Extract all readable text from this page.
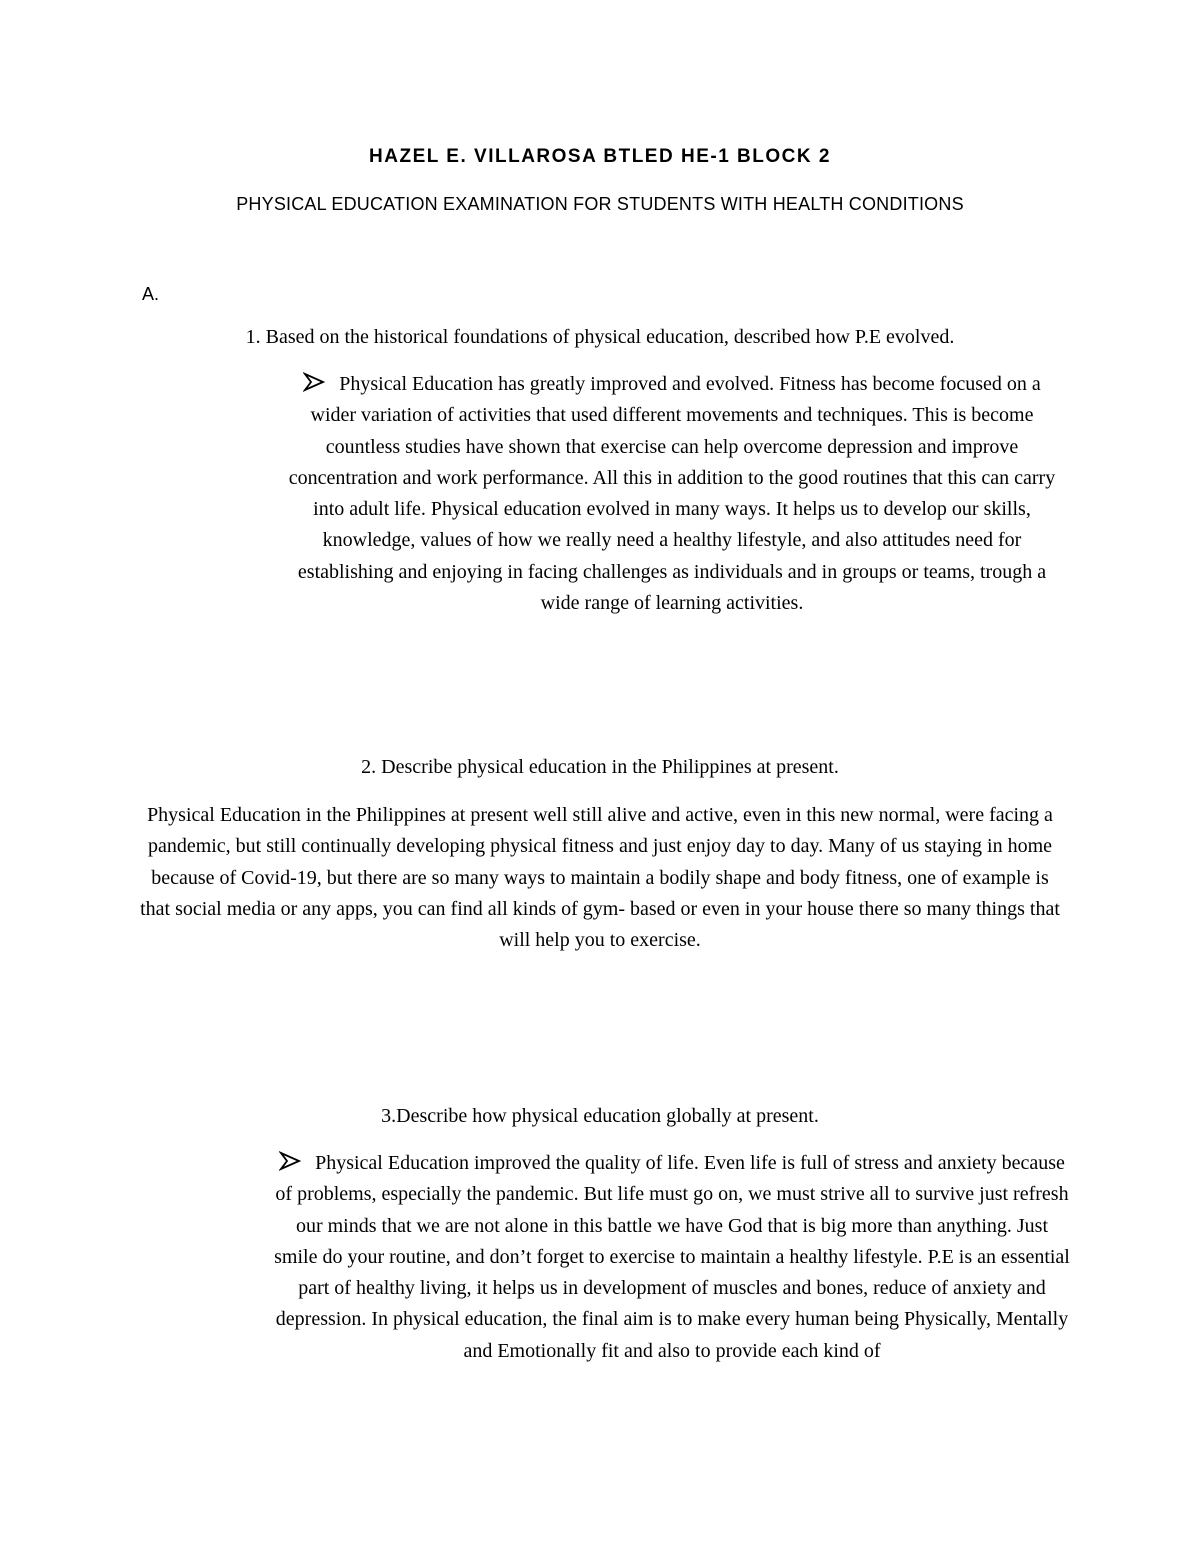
HAZEL E. VILLAROSA BTLED HE-1 BLOCK 2
PHYSICAL EDUCATION EXAMINATION FOR STUDENTS WITH HEALTH CONDITIONS
A.
1. Based on the historical foundations of physical education, described how P.E evolved.
Physical Education has greatly improved and evolved. Fitness has become focused on a wider variation of activities that used different movements and techniques. This is become countless studies have shown that exercise can help overcome depression and improve concentration and work performance. All this in addition to the good routines that this can carry into adult life. Physical education evolved in many ways. It helps us to develop our skills, knowledge, values of how we really need a healthy lifestyle, and also attitudes need for establishing and enjoying in facing challenges as individuals and in groups or teams, trough a wide range of learning activities.
2. Describe physical education in the Philippines at present.
Physical Education in the Philippines at present well still alive and active, even in this new normal, were facing a pandemic, but still continually developing physical fitness and just enjoy day to day. Many of us staying in home because of Covid-19, but there are so many ways to maintain a bodily shape and body fitness, one of example is that social media or any apps, you can find all kinds of gym- based or even in your house there so many things that will help you to exercise.
3.Describe how physical education globally at present.
Physical Education improved the quality of life. Even life is full of stress and anxiety because of problems, especially the pandemic. But life must go on, we must strive all to survive just refresh our minds that we are not alone in this battle we have God that is big more than anything. Just smile do your routine, and don’t forget to exercise to maintain a healthy lifestyle. P.E is an essential part of healthy living, it helps us in development of muscles and bones, reduce of anxiety and depression. In physical education, the final aim is to make every human being Physically, Mentally and Emotionally fit and also to provide each kind of
